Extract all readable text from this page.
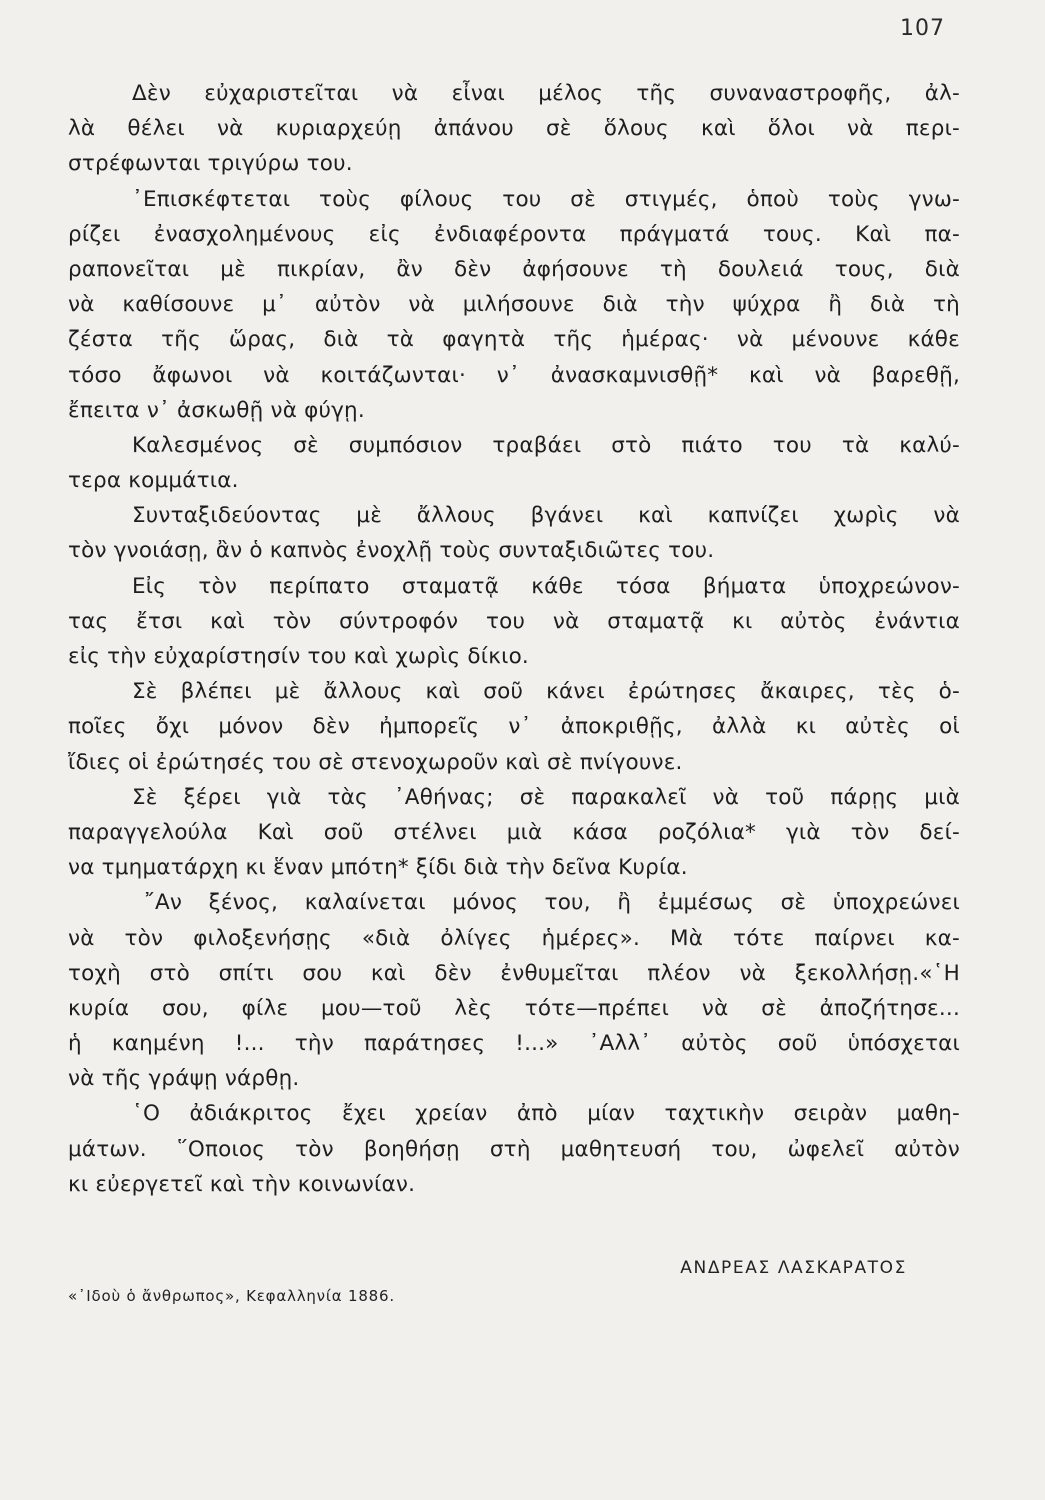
107
Δὲν εὐχαριστεῖται νὰ εἶναι μέλος τῆς συναναστροφῆς, ἀλ-
λὰ θέλει νὰ κυριαρχεύῃ ἀπάνου σὲ ὅλους καὶ ὅλοι νὰ περι-
στρέφωνται τριγύρω του.
᾿Επισκέφτεται τοὺς φίλους του σὲ στιγμές, ὁποὺ τοὺς γνω-
ρίζει ἐνασχολημένους εἰς ἐνδιαφέροντα πράγματά τους. Καὶ πα-
ραπονεῖται μὲ πικρίαν, ἂν δὲν ἀφήσουνε τὴ δουλειά τους, διὰ
νὰ καθίσουνε μ᾿ αὐτὸν νὰ μιλήσουνε διὰ τὴν ψύχρα ἢ διὰ τὴ
ζέστα τῆς ὥρας, διὰ τὰ φαγητὰ τῆς ἡμέρας· νὰ μένουνε κάθε
τόσο ἄφωνοι νὰ κοιτάζωνται· ν᾿ ἀνασκαμνισθῇ* καὶ νὰ βαρεθῇ,
ἔπειτα ν᾿ ἀσκωθῇ νὰ φύγῃ.
Καλεσμένος σὲ συμπόσιον τραβάει στὸ πιάτο του τὰ καλύ-
τερα κομμάτια.
Συνταξιδεύοντας μὲ ἄλλους βγάνει καὶ καπνίζει χωρὶς νὰ
τὸν γνοιάσῃ, ἂν ὁ καπνὸς ἐνοχλῇ τοὺς συνταξιδιῶτες του.
Εἰς τὸν περίπατο σταματᾷ κάθε τόσα βήματα ὑποχρεώνον-
τας ἔτσι καὶ τὸν σύντροφόν του νὰ σταματᾷ κι αὐτὸς ἐνάντια
εἰς τὴν εὐχαρίστησίν του καὶ χωρὶς δίκιο.
Σὲ βλέπει μὲ ἄλλους καὶ σοῦ κάνει ἐρώτησες ἄκαιρες, τὲς ὁ-
ποῖες ὄχι μόνον δὲν ἠμπορεῖς ν᾿ ἀποκριθῇς, ἀλλὰ κι αὐτὲς οἱ
ἴδιες οἱ ἐρώτησές του σὲ στενοχωροῦν καὶ σὲ πνίγουνε.
Σὲ ξέρει γιὰ τὰς ᾿Αθήνας; σὲ παρακαλεῖ νὰ τοῦ πάρῃς μιὰ
παραγγελούλα Καὶ σοῦ στέλνει μιὰ κάσα ροζόλια* γιὰ τὸν δεί-
να τμηματάρχη κι ἕναν μπότη* ξίδι διὰ τὴν δεῖνα Κυρία.
῎Αν ξένος, καλαίνεται μόνος του, ἢ ἐμμέσως σὲ ὑποχρεώνει
νὰ τὸν φιλοξενήσῃς «διὰ ὀλίγες ἡμέρες». Μὰ τότε παίρνει κα-
τοχὴ στὸ σπίτι σου καὶ δὲν ἐνθυμεῖται πλέον νὰ ξεκολλήσῃ.«῾Η
κυρία σου, φίλε μου—τοῦ λὲς τότε—πρέπει νὰ σὲ ἀποζήτησε...
ἡ καημένη !... τὴν παράτησες !...» ᾿Αλλ᾿ αὐτὸς σοῦ ὑπόσχεται
νὰ τῆς γράψῃ νάρθῃ.
῾Ο ἀδιάκριτος ἔχει χρείαν ἀπὸ μίαν ταχτικὴν σειρὰν μαθη-
μάτων. ῞Οποιος τὸν βοηθήσῃ στὴ μαθητευσή του, ὠφελεῖ αὐτὸν
κι εὐεργετεῖ καὶ τὴν κοινωνίαν.
ΑΝΔΡΕΑΣ ΛΑΣΚΑΡΑΤΟΣ
«᾿Ιδοὺ ὁ ἄνθρωπος», Κεφαλληνία 1886.
